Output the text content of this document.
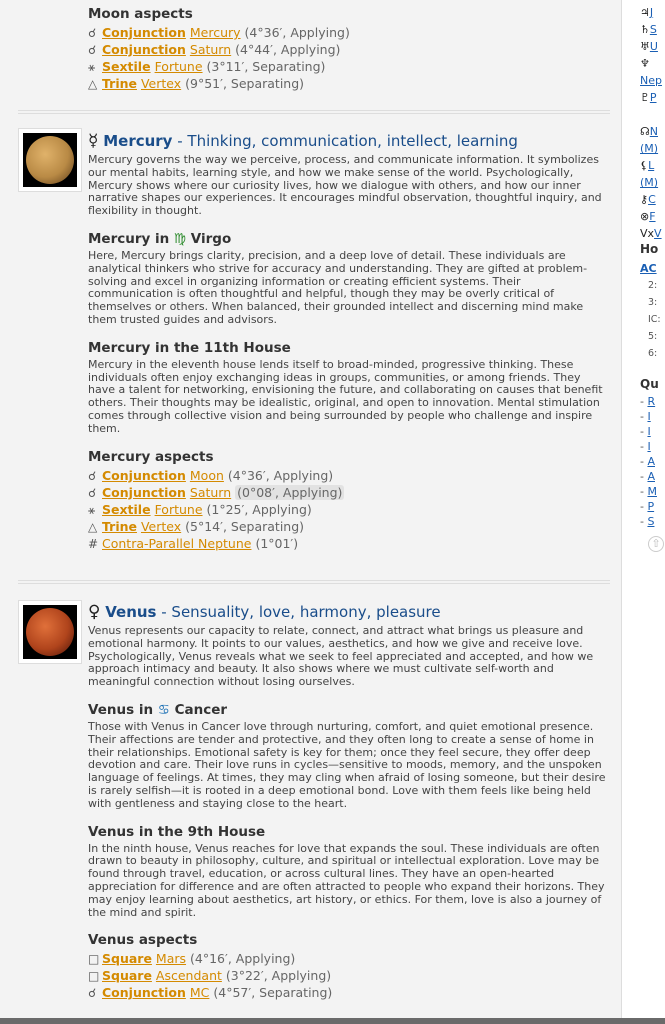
Moon aspects
☌ Conjunction Mercury (4°36′, Applying)
☌ Conjunction Saturn (4°44′, Applying)
⚹ Sextile Fortune (3°11′, Separating)
△ Trine Vertex (9°51′, Separating)
☿ Mercury - Thinking, communication, intellect, learning
Mercury governs the way we perceive, process, and communicate information. It symbolizes our mental habits, learning style, and how we make sense of the world. Psychologically, Mercury shows where our curiosity lives, how we dialogue with others, and how our inner narrative shapes our experiences. It encourages mindful observation, thoughtful inquiry, and flexibility in thought.
Mercury in ♍ Virgo
Here, Mercury brings clarity, precision, and a deep love of detail. These individuals are analytical thinkers who strive for accuracy and understanding. They are gifted at problem-solving and excel in organizing information or creating efficient systems. Their communication is often thoughtful and helpful, though they may be overly critical of themselves or others. When balanced, their grounded intellect and discerning mind make them trusted guides and advisors.
Mercury in the 11th House
Mercury in the eleventh house lends itself to broad-minded, progressive thinking. These individuals often enjoy exchanging ideas in groups, communities, or among friends. They have a talent for networking, envisioning the future, and collaborating on causes that benefit others. Their thoughts may be idealistic, original, and open to innovation. Mental stimulation comes through collective vision and being surrounded by people who challenge and inspire them.
Mercury aspects
☌ Conjunction Moon (4°36′, Applying)
☌ Conjunction Saturn (0°08′, Applying)
⚹ Sextile Fortune (1°25′, Applying)
△ Trine Vertex (5°14′, Separating)
# Contra-Parallel Neptune (1°01′)
♀ Venus - Sensuality, love, harmony, pleasure
Venus represents our capacity to relate, connect, and attract what brings us pleasure and emotional harmony. It points to our values, aesthetics, and how we give and receive love. Psychologically, Venus reveals what we seek to feel appreciated and accepted, and how we approach intimacy and beauty. It also shows where we must cultivate self-worth and meaningful connection without losing ourselves.
Venus in ♋ Cancer
Those with Venus in Cancer love through nurturing, comfort, and quiet emotional presence. Their affections are tender and protective, and they often long to create a sense of home in their relationships. Emotional safety is key for them; once they feel secure, they offer deep devotion and care. Their love runs in cycles—sensitive to moods, memory, and the unspoken language of feelings. At times, they may cling when afraid of losing someone, but their desire is rarely selfish—it is rooted in a deep emotional bond. Love with them feels like being held with gentleness and staying close to the heart.
Venus in the 9th House
In the ninth house, Venus reaches for love that expands the soul. These individuals are often drawn to beauty in philosophy, culture, and spiritual or intellectual exploration. Love may be found through travel, education, or across cultural lines. They have an open-hearted appreciation for difference and are often attracted to people who expand their horizons. They may enjoy learning about aesthetics, art history, or ethics. For them, love is also a journey of the mind and spirit.
Venus aspects
□ Square Mars (4°16′, Applying)
□ Square Ascendant (3°22′, Applying)
☌ Conjunction MC (4°57′, Separating)
♃J
♄S
♅U
♆
Nep
♇P
☊N
(M)
⚸L
(M)
⚷C
⊗F
VxV
Ho
AC
2:
3:
IC:
5:
6:
Qu
- R
- I
- I
- I
- A
- A
- M
- P
- S
⇧
